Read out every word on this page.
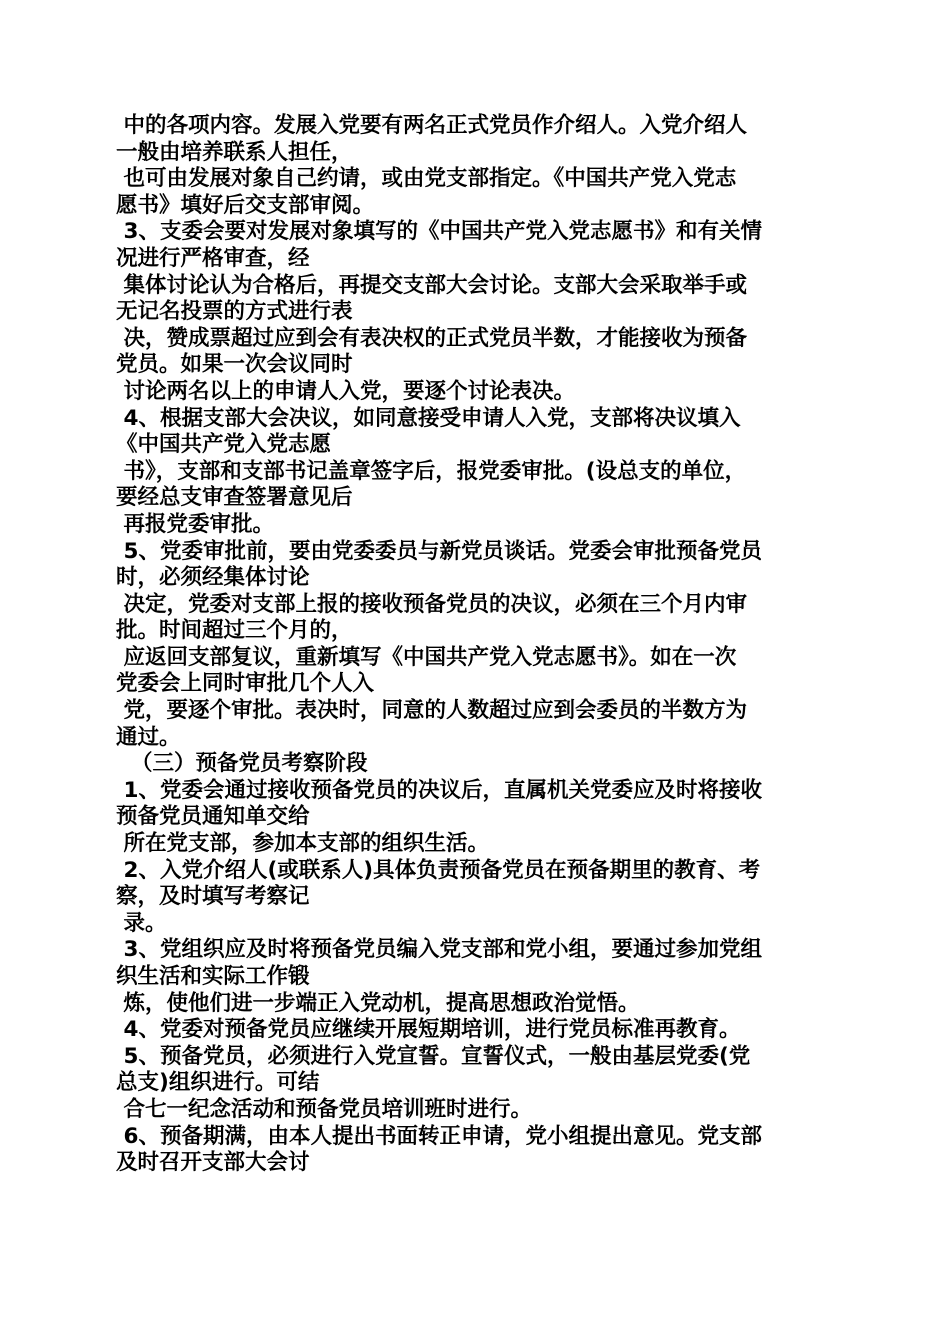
中的各项内容。发展入党要有两名正式党员作介绍人。入党介绍人
一般由培养联系人担任，
也可由发展对象自己约请，或由党支部指定。《中国共产党入党志
愿书》填好后交支部审阅。
3、支委会要对发展对象填写的《中国共产党入党志愿书》和有关情
况进行严格审查，经
集体讨论认为合格后，再提交支部大会讨论。支部大会采取举手或
无记名投票的方式进行表
决，赞成票超过应到会有表决权的正式党员半数，才能接收为预备
党员。如果一次会议同时
讨论两名以上的申请人入党，要逐个讨论表决。
4、根据支部大会决议，如同意接受申请人入党，支部将决议填入
《中国共产党入党志愿
书》，支部和支部书记盖章签字后，报党委审批。(设总支的单位，
要经总支审查签署意见后
再报党委审批。
5、党委审批前，要由党委委员与新党员谈话。党委会审批预备党员
时，必须经集体讨论
决定，党委对支部上报的接收预备党员的决议，必须在三个月内审
批。时间超过三个月的，
应返回支部复议，重新填写《中国共产党入党志愿书》。如在一次
党委会上同时审批几个人入
党，要逐个审批。表决时，同意的人数超过应到会委员的半数方为
通过。
（三）预备党员考察阶段
1、党委会通过接收预备党员的决议后，直属机关党委应及时将接收
预备党员通知单交给
所在党支部，参加本支部的组织生活。
2、入党介绍人(或联系人)具体负责预备党员在预备期里的教育、考
察，及时填写考察记
录。
3、党组织应及时将预备党员编入党支部和党小组，要通过参加党组
织生活和实际工作锻
炼，使他们进一步端正入党动机，提高思想政治觉悟。
4、党委对预备党员应继续开展短期培训，进行党员标准再教育。
5、预备党员，必须进行入党宣誓。宣誓仪式，一般由基层党委(党
总支)组织进行。可结
合七一纪念活动和预备党员培训班时进行。
6、预备期满，由本人提出书面转正申请，党小组提出意见。党支部
及时召开支部大会讨
